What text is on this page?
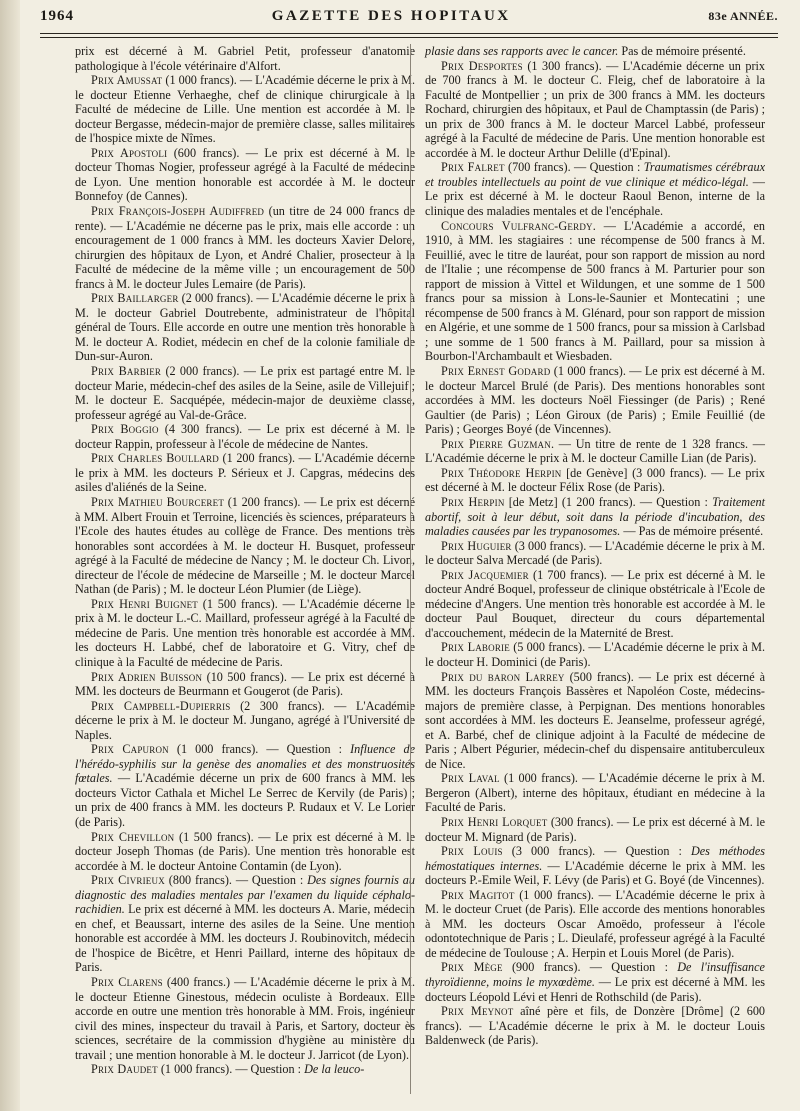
1964	GAZETTE DES HOPITAUX	83e ANNÉE.

prix est décerné à M. Gabriel Petit, professeur d'anatomie pathologique à l'école vétérinaire d'Alfort.

Prix Amussat (1 000 francs). — L'Académie décerne le prix à M. le docteur Etienne Verhaeghe, chef de clinique chirurgicale à la Faculté de médecine de Lille. Une mention est accordée à M. le docteur Bergasse, médecin-major de première classe, salles militaires de l'hospice mixte de Nîmes.

Prix Apostoli (600 francs). — Le prix est décerné à M. le docteur Thomas Nogier, professeur agrégé à la Faculté de médecine de Lyon. Une mention honorable est accordée à M. le docteur Bonnefoy (de Cannes).

Prix François-Joseph Audiffred (un titre de 24 000 francs de rente). — L'Académie ne décerne pas le prix, mais elle accorde : un encouragement de 1 000 francs à MM. les docteurs Xavier Delore, chirurgien des hôpitaux de Lyon, et André Chalier, prosecteur à la Faculté de médecine de la même ville ; un encouragement de 500 francs à M. le docteur Jules Lemaire (de Paris).

Prix Baillarger (2 000 francs). — L'Académie décerne le prix à M. le docteur Gabriel Doutrebente, administrateur de l'hôpital général de Tours. Elle accorde en outre une mention très honorable à M. le docteur A. Rodiet, médecin en chef de la colonie familiale de Dun-sur-Auron.

Prix Barbier (2 000 francs). — Le prix est partagé entre M. le docteur Marie, médecin-chef des asiles de la Seine, asile de Villejuif ; M. le docteur E. Sacquépée, médecin-major de deuxième classe, professeur agrégé au Val-de-Grâce.

Prix Boggio (4 300 francs). — Le prix est décerné à M. le docteur Rappin, professeur à l'école de médecine de Nantes.

Prix Charles Boullard (1 200 francs). — L'Académie décerne le prix à MM. les docteurs P. Sérieux et J. Capgras, médecins des asiles d'aliénés de la Seine.

Prix Mathieu Bourceret (1 200 francs). — Le prix est décerné à MM. Albert Frouin et Terroine, licenciés ès sciences, préparateurs à l'Ecole des hautes études au collège de France. Des mentions très honorables sont accordées à M. le docteur H. Busquet, professeur agrégé à la Faculté de médecine de Nancy ; M. le docteur Ch. Livon, directeur de l'école de médecine de Marseille ; M. le docteur Marcel Nathan (de Paris) ; M. le docteur Léon Plumier (de Liège).

Prix Henri Buignet (1 500 francs). — L'Académie décerne le prix à M. le docteur L.-C. Maillard, professeur agrégé à la Faculté de médecine de Paris. Une mention très honorable est accordée à MM. les docteurs H. Labbé, chef de laboratoire et G. Vitry, chef de clinique à la Faculté de médecine de Paris.

Prix Adrien Buisson (10 500 francs). — Le prix est décerné à MM. les docteurs de Beurmann et Gougerot (de Paris).

Prix Campbell-Dupierris (2 300 francs). — L'Académie décerne le prix à M. le docteur M. Jungano, agrégé à l'Université de Naples.

Prix Capuron (1 000 francs). — Question : Influence de l'hérédo-syphilis sur la genèse des anomalies et des monstruosités fœtales. — L'Académie décerne un prix de 600 francs à MM. les docteurs Victor Cathala et Michel Le Serrec de Kervily (de Paris) ; un prix de 400 francs à MM. les docteurs P. Rudaux et V. Le Lorier (de Paris).

Prix Chevillon (1 500 francs). — Le prix est décerné à M. le docteur Joseph Thomas (de Paris). Une mention très honorable est accordée à M. le docteur Antoine Contamin (de Lyon).

Prix Civrieux (800 francs). — Question : Des signes fournis au diagnostic des maladies mentales par l'examen du liquide céphalo-rachidien. Le prix est décerné à MM. les docteurs A. Marie, médecin en chef, et Beaussart, interne des asiles de la Seine. Une mention honorable est accordée à MM. les docteurs J. Roubinovitch, médecin de l'hospice de Bicêtre, et Henri Paillard, interne des hôpitaux de Paris.

Prix Clarens (400 francs.) — L'Académie décerne le prix à M. le docteur Etienne Ginestous, médecin oculiste à Bordeaux. Elle accorde en outre une mention très honorable à MM. Frois, ingénieur civil des mines, inspecteur du travail à Paris, et Sartory, docteur ès sciences, secrétaire de la commission d'hygiène au ministère du travail ; une mention honorable à M. le docteur J. Jarricot (de Lyon).

Prix Daudet (1 000 francs). — Question : De la leuco-

plasie dans ses rapports avec le cancer. Pas de mémoire présenté.

Prix Desportes (1 300 francs). — L'Académie décerne un prix de 700 francs à M. le docteur C. Fleig, chef de laboratoire à la Faculté de Montpellier ; un prix de 300 francs à MM. les docteurs Rochard, chirurgien des hôpitaux, et Paul de Champtassin (de Paris) ; un prix de 300 francs à M. le docteur Marcel Labbé, professeur agrégé à la Faculté de médecine de Paris. Une mention honorable est accordée à M. le docteur Arthur Delille (d'Epinal).

Prix Falret (700 francs). — Question : Traumatismes cérébraux et troubles intellectuels au point de vue clinique et médico-légal. — Le prix est décerné à M. le docteur Raoul Benon, interne de la clinique des maladies mentales et de l'encéphale.

Concours Vulfranc-Gerdy. — L'Académie a accordé, en 1910, à MM. les stagiaires : une récompense de 500 francs à M. Feuillié, avec le titre de lauréat, pour son rapport de mission au nord de l'Italie ; une récompense de 500 francs à M. Parturier pour son rapport de mission à Vittel et Wildungen, et une somme de 1 500 francs pour sa mission à Lons-le-Saunier et Montecatini ; une récompense de 500 francs à M. Glénard, pour son rapport de mission en Algérie, et une somme de 1 500 francs, pour sa mission à Carlsbad ; une somme de 1 500 francs à M. Paillard, pour sa mission à Bourbon-l'Archambault et Wiesbaden.

Prix Ernest Godard (1 000 francs). — Le prix est décerné à M. le docteur Marcel Brulé (de Paris). Des mentions honorables sont accordées à MM. les docteurs Noël Fiessinger (de Paris) ; René Gaultier (de Paris) ; Léon Giroux (de Paris) ; Emile Feuillié (de Paris) ; Georges Boyé (de Vincennes).

Prix Pierre Guzman. — Un titre de rente de 1 328 francs. — L'Académie décerne le prix à M. le docteur Camille Lian (de Paris).

Prix Théodore Herpin [de Genève] (3 000 francs). — Le prix est décerné à M. le docteur Félix Rose (de Paris).

Prix Herpin [de Metz] (1 200 francs). — Question : Traitement abortif, soit à leur début, soit dans la période d'incubation, des maladies causées par les trypanosomes. — Pas de mémoire présenté.

Prix Huguier (3 000 francs). — L'Académie décerne le prix à M. le docteur Salva Mercadé (de Paris).

Prix Jacquemier (1 700 francs). — Le prix est décerné à M. le docteur André Boquel, professeur de clinique obstétricale à l'Ecole de médecine d'Angers. Une mention très honorable est accordée à M. le docteur Paul Bouquet, directeur du cours départemental d'accouchement, médecin de la Maternité de Brest.

Prix Laborie (5 000 francs). — L'Académie décerne le prix à M. le docteur H. Dominici (de Paris).

Prix du baron Larrey (500 francs). — Le prix est décerné à MM. les docteurs François Bassères et Napoléon Coste, médecins-majors de première classe, à Perpignan. Des mentions honorables sont accordées à MM. les docteurs E. Jeanselme, professeur agrégé, et A. Barbé, chef de clinique adjoint à la Faculté de médecine de Paris ; Albert Pégurier, médecin-chef du dispensaire antituberculeux de Nice.

Prix Laval (1 000 francs). — L'Académie décerne le prix à M. Bergeron (Albert), interne des hôpitaux, étudiant en médecine à la Faculté de Paris.

Prix Henri Lorquet (300 francs). — Le prix est décerné à M. le docteur M. Mignard (de Paris).

Prix Louis (3 000 francs). — Question : Des méthodes hémostatiques internes. — L'Académie décerne le prix à MM. les docteurs P.-Emile Weil, F. Lévy (de Paris) et G. Boyé (de Vincennes).

Prix Magitot (1 000 francs). — L'Académie décerne le prix à M. le docteur Cruet (de Paris). Elle accorde des mentions honorables à MM. les docteurs Oscar Amoëdo, professeur à l'école odontotechnique de Paris ; L. Dieulafé, professeur agrégé à la Faculté de médecine de Toulouse ; A. Herpin et Louis Morel (de Paris).

Prix Mège (900 francs). — Question : De l'insuffisance thyroïdienne, moins le myxœdème. — Le prix est décerné à MM. les docteurs Léopold Lévi et Henri de Rothschild (de Paris).

Prix Meynot aîné père et fils, de Donzère [Drôme] (2 600 francs). — L'Académie décerne le prix à M. le docteur Louis Baldenweck (de Paris).
